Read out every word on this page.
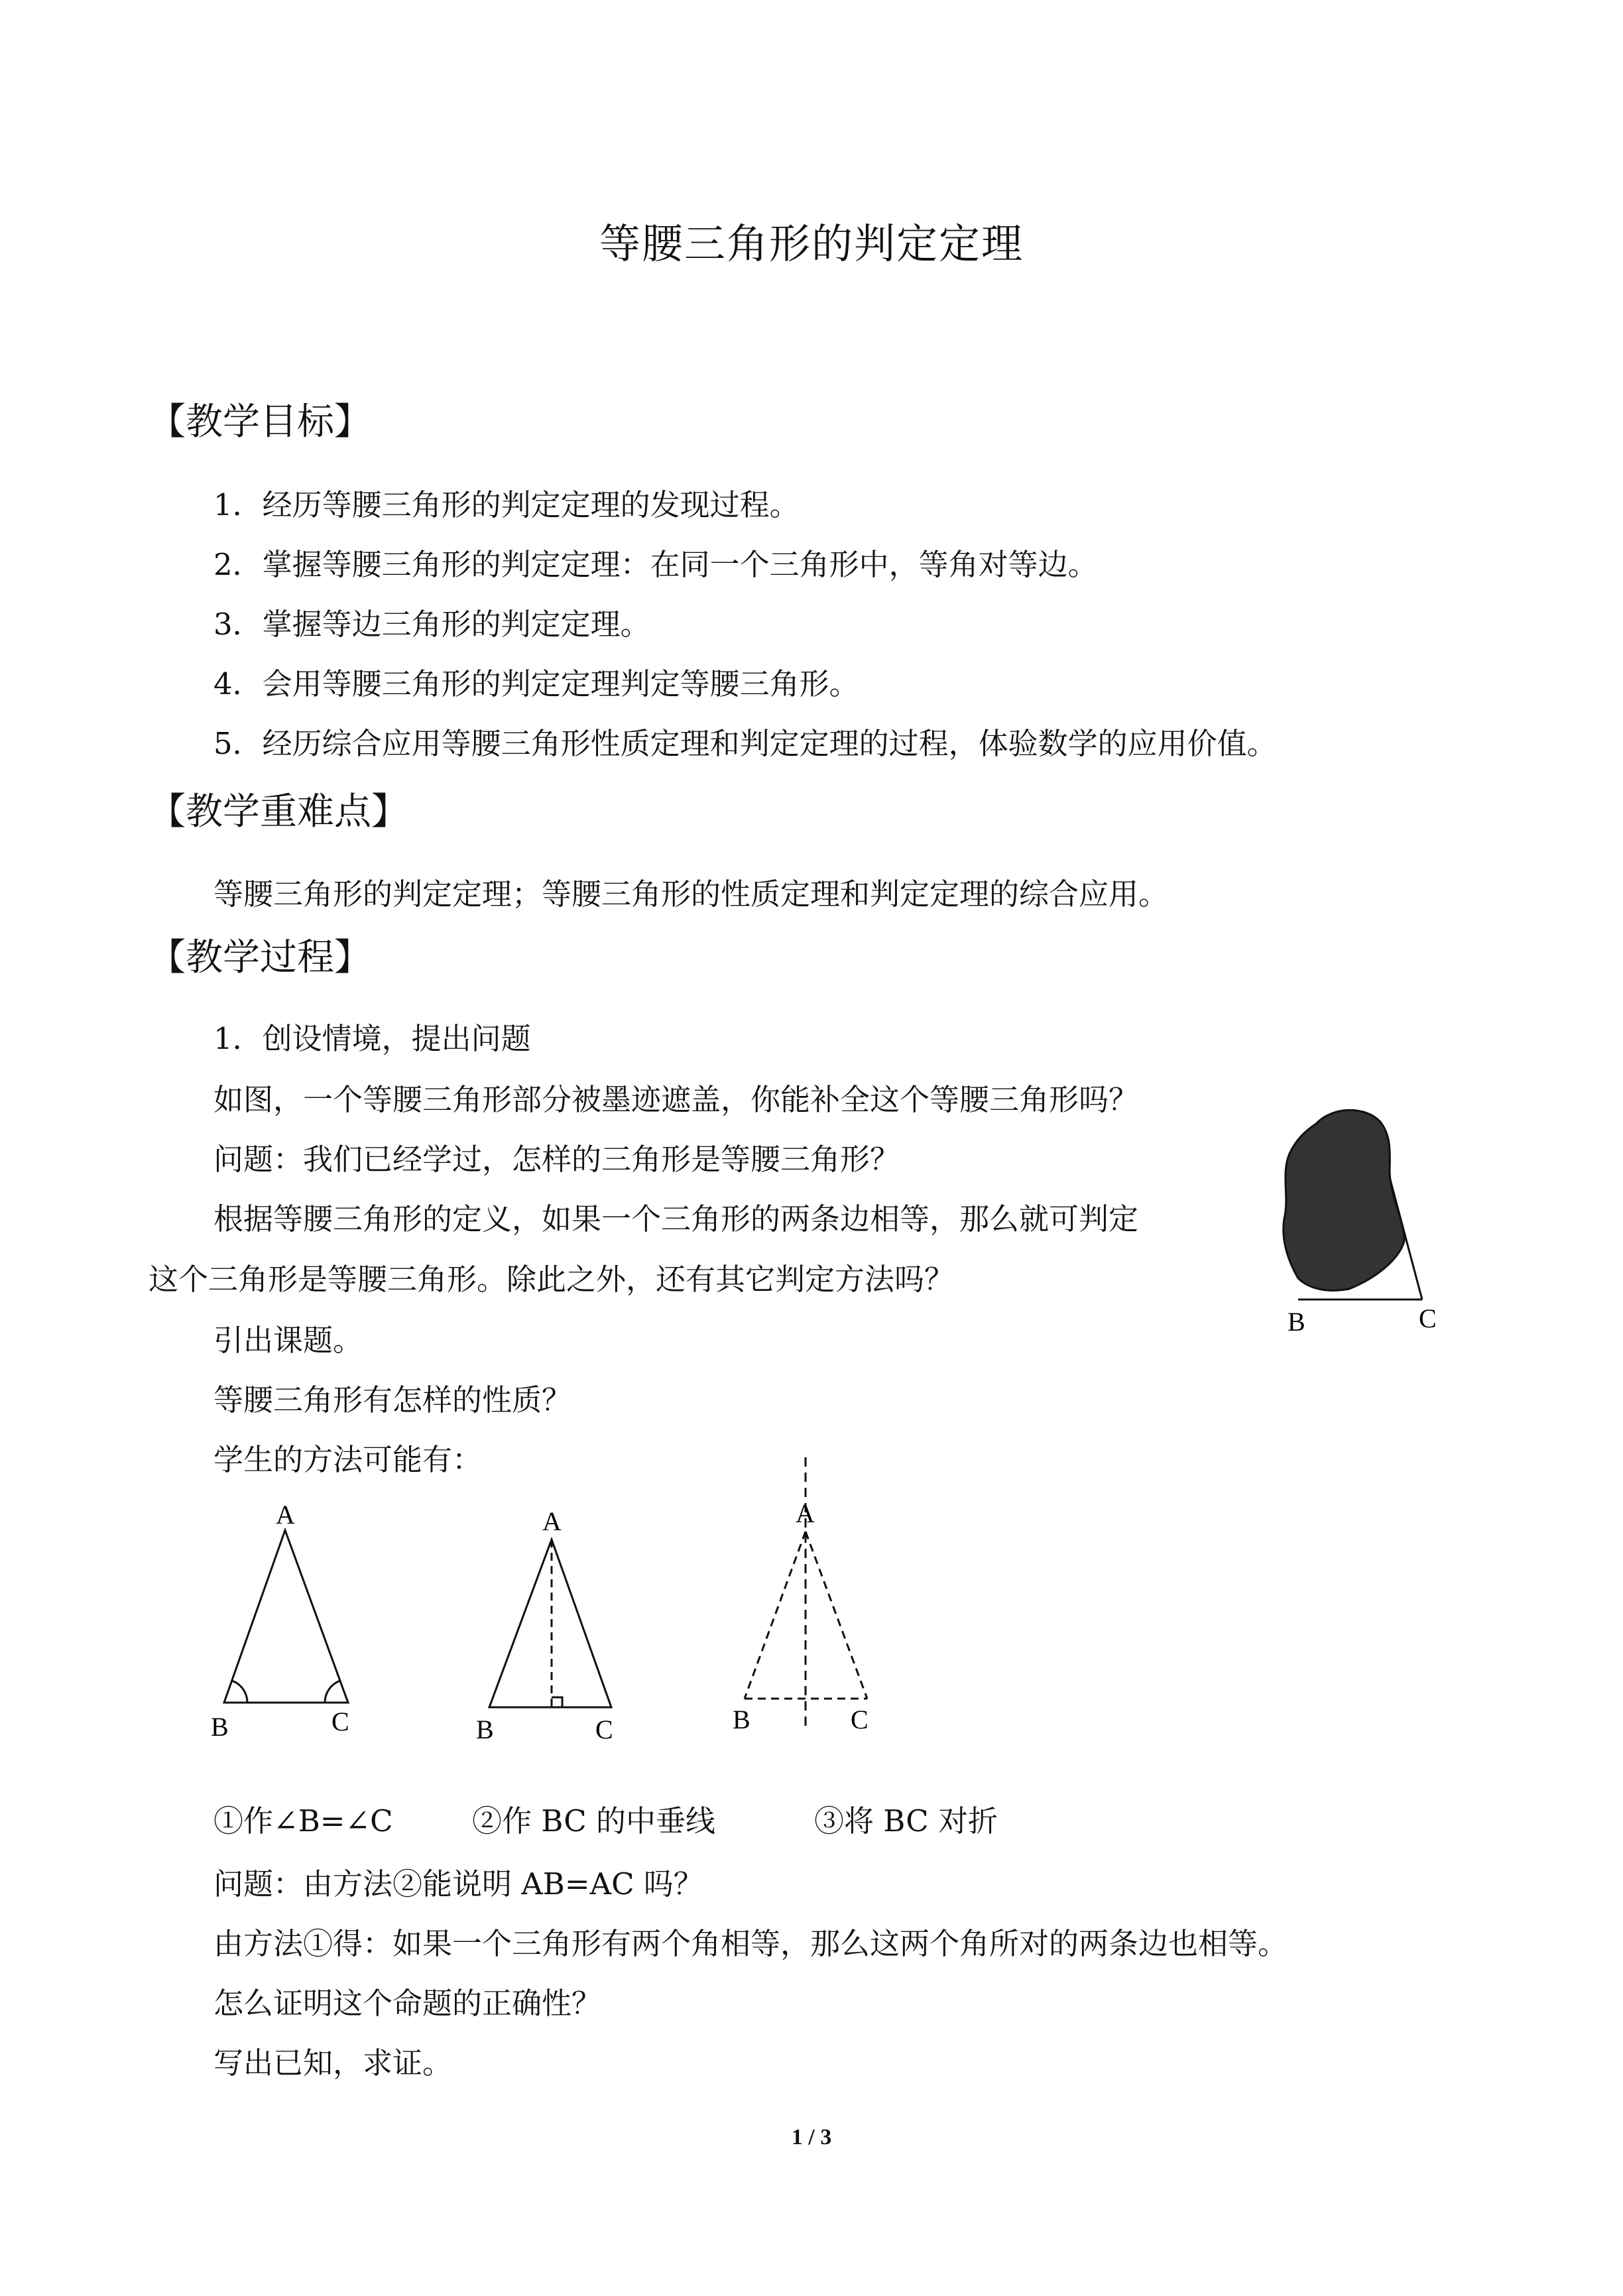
等腰三角形的判定定理
【教学目标】
1．经历等腰三角形的判定定理的发现过程。
2．掌握等腰三角形的判定定理：在同一个三角形中，等角对等边。
3．掌握等边三角形的判定定理。
4．会用等腰三角形的判定定理判定等腰三角形。
5．经历综合应用等腰三角形性质定理和判定定理的过程，体验数学的应用价值。
【教学重难点】
等腰三角形的判定定理；等腰三角形的性质定理和判定定理的综合应用。
【教学过程】
1．创设情境，提出问题
如图，一个等腰三角形部分被墨迹遮盖，你能补全这个等腰三角形吗？
问题：我们已经学过，怎样的三角形是等腰三角形？
根据等腰三角形的定义，如果一个三角形的两条边相等，那么就可判定
这个三角形是等腰三角形。除此之外，还有其它判定方法吗？
引出课题。
等腰三角形有怎样的性质？
学生的方法可能有：
①作∠B=∠C	②作 BC 的中垂线	③将 BC 对折
问题：由方法②能说明 AB=AC 吗？
由方法①得：如果一个三角形有两个角相等，那么这两个角所对的两条边也相等。
怎么证明这个命题的正确性？
写出已知，求证。
B	C
A
B	C
A
B	C
A
B	C
1 / 3
